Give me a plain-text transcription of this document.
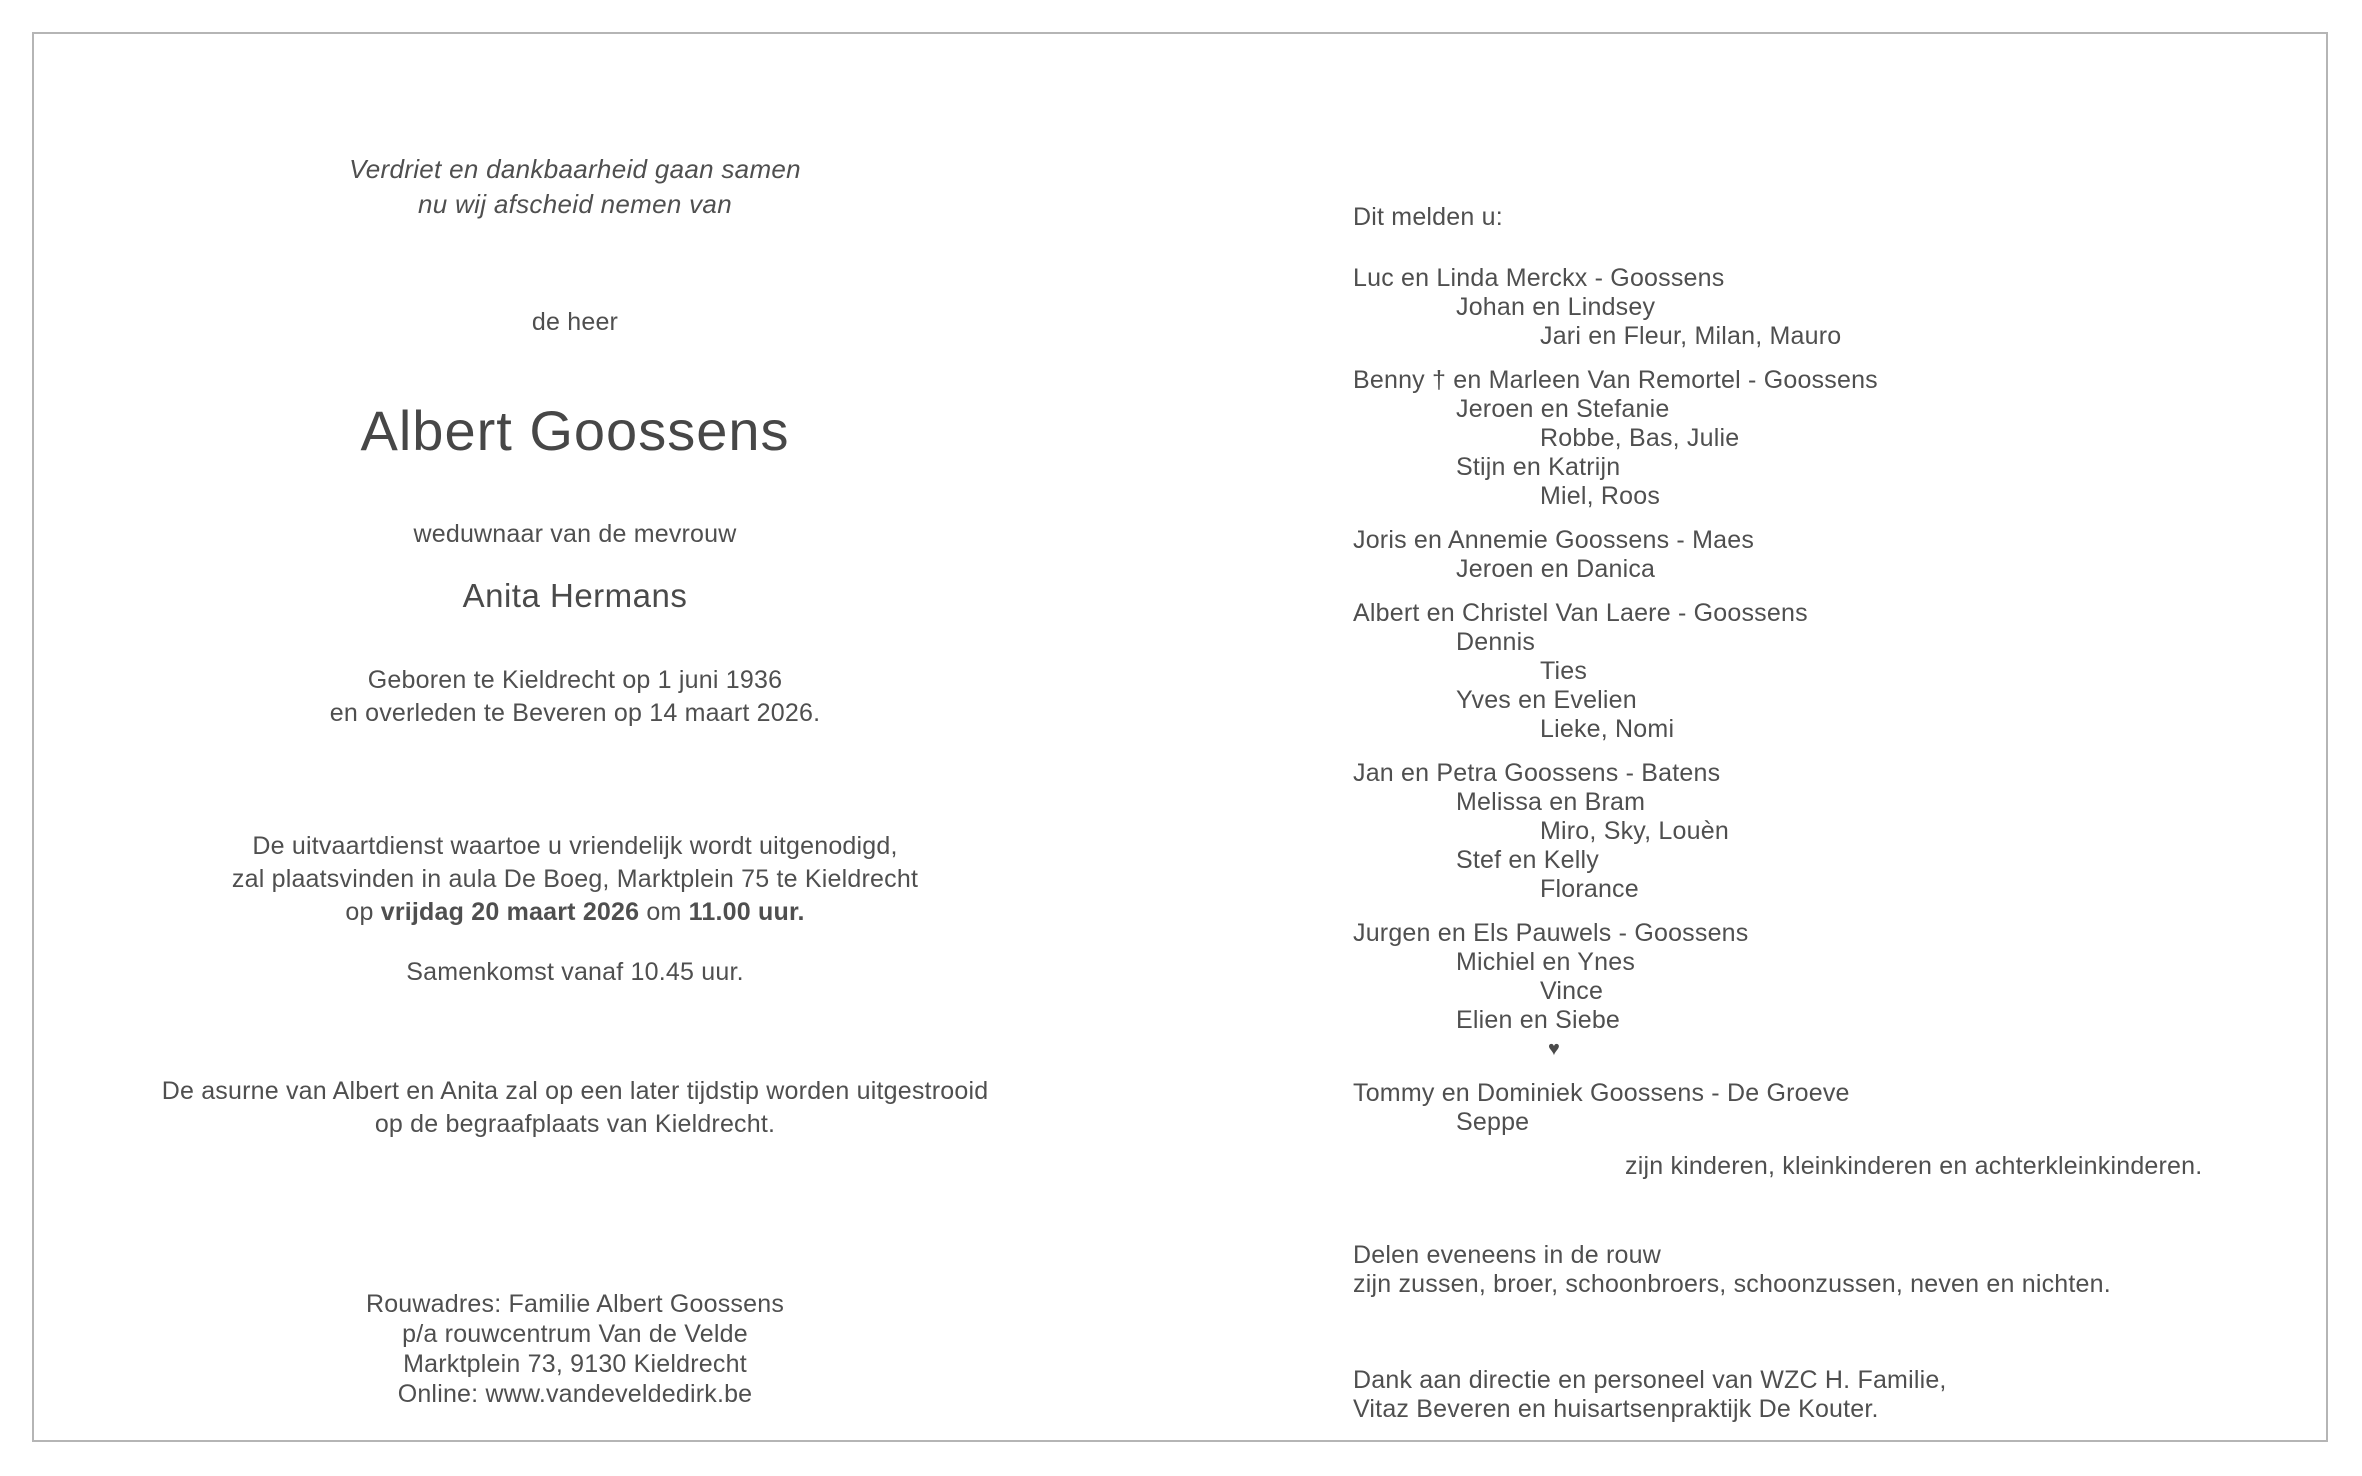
Verdriet en dankbaarheid gaan samen
nu wij afscheid nemen van
de heer
Albert Goossens
weduwnaar van de mevrouw
Anita Hermans
Geboren te Kieldrecht op 1 juni 1936
en overleden te Beveren op 14 maart 2026.
De uitvaartdienst waartoe u vriendelijk wordt uitgenodigd,
zal plaatsvinden in aula De Boeg, Marktplein 75 te Kieldrecht
op vrijdag 20 maart 2026 om 11.00 uur.
Samenkomst vanaf 10.45 uur.
De asurne van Albert en Anita zal op een later tijdstip worden uitgestrooid
op de begraafplaats van Kieldrecht.
Rouwadres: Familie Albert Goossens
p/a rouwcentrum Van de Velde
Marktplein 73, 9130 Kieldrecht
Online: www.vandeveldedirk.be
Dit melden u:
Luc en Linda Merckx - Goossens
Johan en Lindsey
Jari en Fleur, Milan, Mauro
Benny † en Marleen Van Remortel - Goossens
Jeroen en Stefanie
Robbe, Bas, Julie
Stijn en Katrijn
Miel, Roos
Joris en Annemie Goossens - Maes
Jeroen en Danica
Albert en Christel Van Laere - Goossens
Dennis
Ties
Yves en Evelien
Lieke, Nomi
Jan en Petra Goossens - Batens
Melissa en Bram
Miro, Sky, Louèn
Stef en Kelly
Florance
Jurgen en Els Pauwels - Goossens
Michiel en Ynes
Vince
Elien en Siebe
♥
Tommy en Dominiek Goossens - De Groeve
Seppe
zijn kinderen, kleinkinderen en achterkleinkinderen.
Delen eveneens in de rouw
zijn zussen, broer, schoonbroers, schoonzussen, neven en nichten.
Dank aan directie en personeel van WZC H. Familie,
Vitaz Beveren en huisartsenpraktijk De Kouter.
